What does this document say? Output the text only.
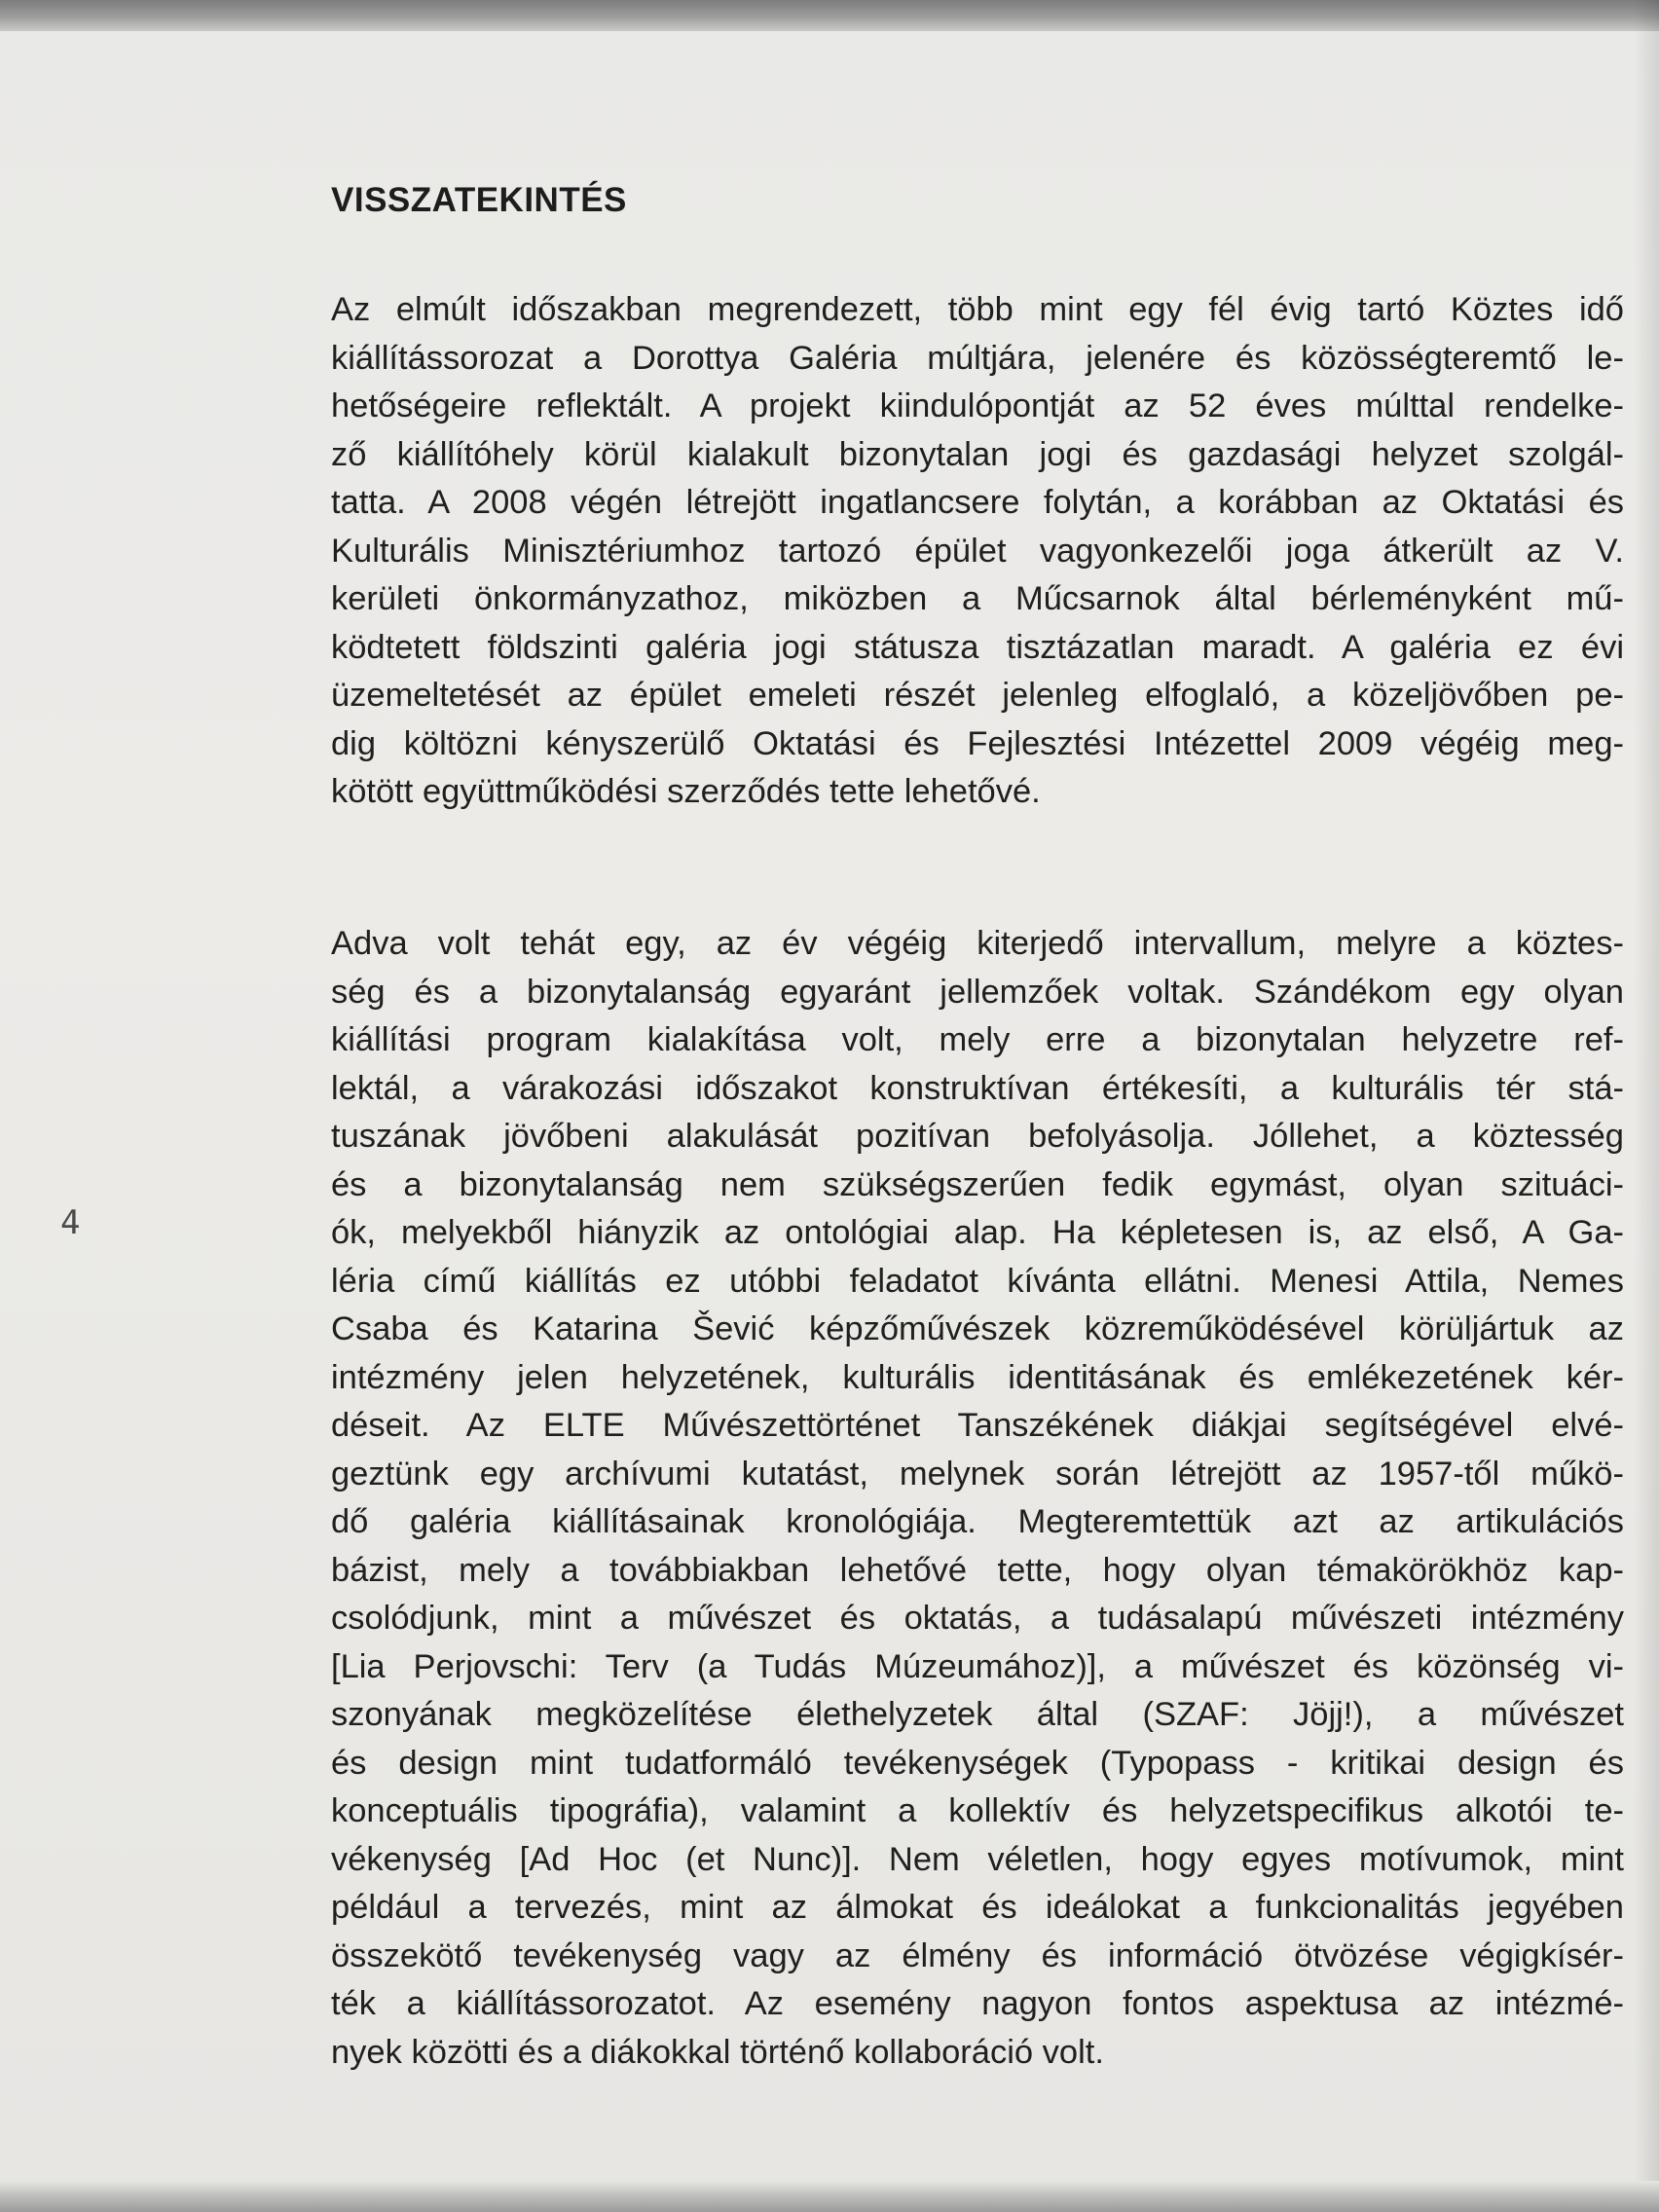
VISSZATEKINTÉS
Az elmúlt időszakban megrendezett, több mint egy fél évig tartó Köztes idő
kiállítássorozat a Dorottya Galéria múltjára, jelenére és közösségteremtő le-
hetőségeire reflektált. A projekt kiindulópontját az 52 éves múlttal rendelke-
ző kiállítóhely körül kialakult bizonytalan jogi és gazdasági helyzet szolgál-
tatta. A 2008 végén létrejött ingatlancsere folytán, a korábban az Oktatási és
Kulturális Minisztériumhoz tartozó épület vagyonkezelői joga átkerült az V.
kerületi önkormányzathoz, miközben a Műcsarnok által bérleményként mű-
ködtetett földszinti galéria jogi státusza tisztázatlan maradt. A galéria ez évi
üzemeltetését az épület emeleti részét jelenleg elfoglaló, a közeljövőben pe-
dig költözni kényszerülő Oktatási és Fejlesztési Intézettel 2009 végéig meg-
kötött együttműködési szerződés tette lehetővé.
4
Adva volt tehát egy, az év végéig kiterjedő intervallum, melyre a köztes-
ség és a bizonytalanság egyaránt jellemzőek voltak. Szándékom egy olyan
kiállítási program kialakítása volt, mely erre a bizonytalan helyzetre ref-
lektál, a várakozási időszakot konstruktívan értékesíti, a kulturális tér stá-
tuszának jövőbeni alakulását pozitívan befolyásolja. Jóllehet, a köztesség
és a bizonytalanság nem szükségszerűen fedik egymást, olyan szituáci-
ók, melyekből hiányzik az ontológiai alap. Ha képletesen is, az első, A Ga-
léria című kiállítás ez utóbbi feladatot kívánta ellátni. Menesi Attila, Nemes
Csaba és Katarina Šević képzőművészek közreműködésével körüljártuk az
intézmény jelen helyzetének, kulturális identitásának és emlékezetének kér-
déseit. Az ELTE Művészettörténet Tanszékének diákjai segítségével elvé-
geztünk egy archívumi kutatást, melynek során létrejött az 1957-től műkö-
dő galéria kiállításainak kronológiája. Megteremtettük azt az artikulációs
bázist, mely a továbbiakban lehetővé tette, hogy olyan témakörökhöz kap-
csolódjunk, mint a művészet és oktatás, a tudásalapú művészeti intézmény
[Lia Perjovschi: Terv (a Tudás Múzeumához)], a művészet és közönség vi-
szonyának megközelítése élethelyzetek által (SZAF: Jöjj!), a művészet
és design mint tudatformáló tevékenységek (Typopass - kritikai design és
konceptuális tipográfia), valamint a kollektív és helyzetspecifikus alkotói te-
vékenység [Ad Hoc (et Nunc)]. Nem véletlen, hogy egyes motívumok, mint
például a tervezés, mint az álmokat és ideálokat a funkcionalitás jegyében
összekötő tevékenység vagy az élmény és információ ötvözése végigkísér-
ték a kiállítássorozatot. Az esemény nagyon fontos aspektusa az intézmé-
nyek közötti és a diákokkal történő kollaboráció volt.
